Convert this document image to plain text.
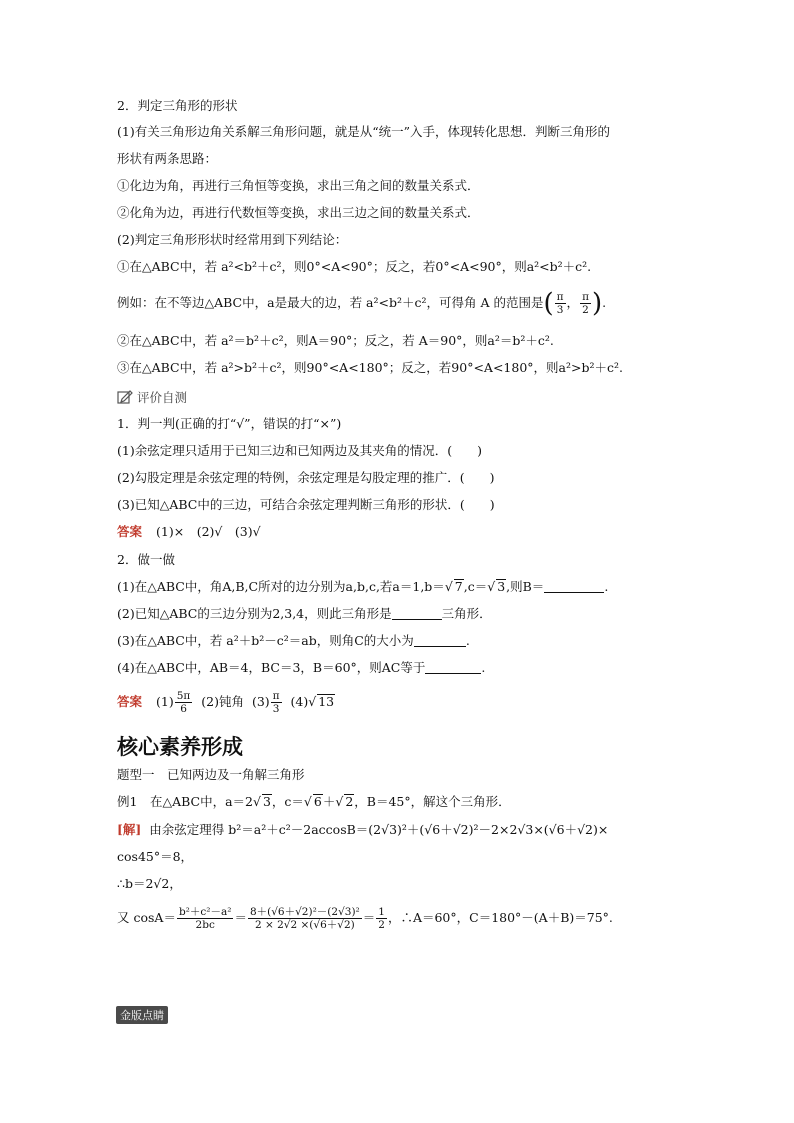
2．判定三角形的形状
(1)有关三角形边角关系解三角形问题，就是从“统一”入手，体现转化思想．判断三角形的
形状有两条思路：
①化边为角，再进行三角恒等变换，求出三角之间的数量关系式．
②化角为边，再进行代数恒等变换，求出三边之间的数量关系式．
(2)判定三角形形状时经常用到下列结论：
①在△ABC中，若 a²<b²＋c²，则0°<A<90°；反之，若0°<A<90°，则a²<b²＋c².
例如：在不等边△ABC中，a是最大的边，若 a²<b²＋c²，可得角 A 的范围是( $\frac{\pi}{3}$ ， $\frac{\pi}{2}$ ).
②在△ABC中，若 a²＝b²＋c²，则A＝90°；反之，若 A＝90°，则a²＝b²＋c².
③在△ABC中，若 a²>b²＋c²，则90°<A<180°；反之，若90°<A<180°，则a²>b²＋c².
评价自测
1．判一判(正确的打“√”，错误的打“×”)
(1)余弦定理只适用于已知三边和已知两边及其夹角的情况．(　　)
(2)勾股定理是余弦定理的特例，余弦定理是勾股定理的推广．(　　)
(3)已知△ABC中的三边，可结合余弦定理判断三角形的形状．(　　)
答案 (1)×　(2)√　(3)√
2．做一做
(1)在△ABC中，角A,B,C所对的边分别为a,b,c,若a＝1,b＝√ 7,c＝√ 3,则B＝	.
(2)已知△ABC的三边分别为2,3,4，则此三角形是	三角形．
(3)在△ABC中，若 a²＋b²－c²＝ab，则角C的大小为	.
(4)在△ABC中，AB＝4，BC＝3，B＝60°，则AC等于	.
答案 $(1) \frac{5\pi}{6} (2)$钝角 $(3) \frac{\pi}{3} (4)√$ 13
核心素养形成
题型一　已知两边及一角解三角形
例1　在△ABC中，a＝2√ 3，c＝√ 6＋√ 2，B＝45°，解这个三角形．
[解] 由余弦定理得 b²＝a²＋c²－2accosB＝(2√3)²＋(√6＋√2)²－2×2√3×(√6＋√2)×
cos45°＝8，
∴b＝2√2，
又 $\cos A= \frac{\text{b²＋c²－a²}}{2bc} = \frac{\text{8＋(√6＋√2)²－(2√3)²}}{2 \times 2√2 \times(√6+√2)} = \frac{1}{2}$ ，∴A＝60°，C＝180°－(A＋B)＝75°.
金版点睛
